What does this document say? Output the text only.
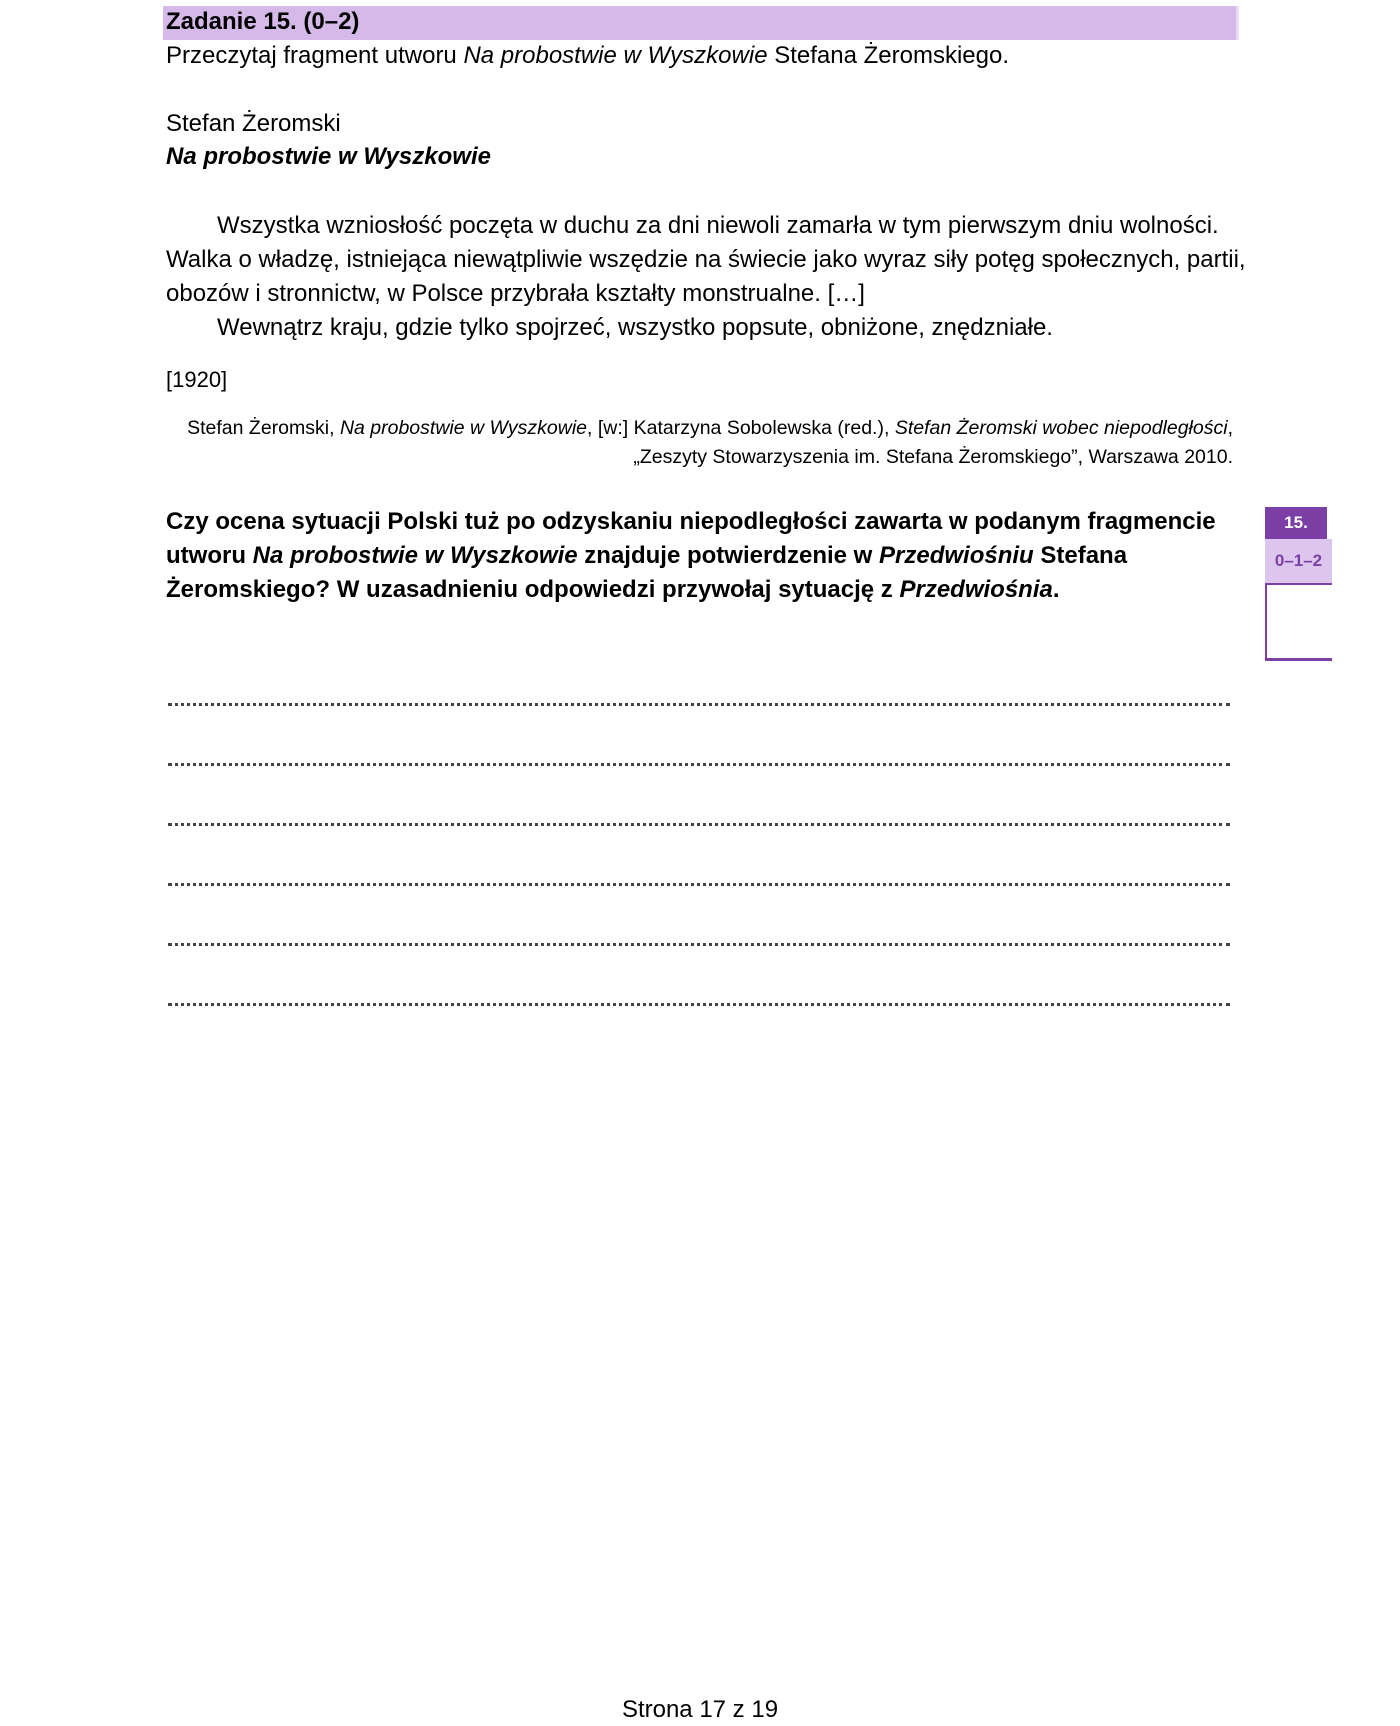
Zadanie 15. (0–2)
Przeczytaj fragment utworu Na probostwie w Wyszkowie Stefana Żeromskiego.
Stefan Żeromski
Na probostwie w Wyszkowie

Wszystka wzniosłość poczęta w duchu za dni niewoli zamarła w tym pierwszym dniu wolności. Walka o władzę, istniejąca niewątpliwie wszędzie na świecie jako wyraz siły potęg społecznych, partii, obozów i stronnictw, w Polsce przybrała kształty monstrualne. […]

Wewnątrz kraju, gdzie tylko spojrzeć, wszystko popsute, obniżone, znędzniałe.

[1920]
Stefan Żeromski, Na probostwie w Wyszkowie, [w:] Katarzyna Sobolewska (red.), Stefan Żeromski wobec niepodległości, „Zeszyty Stowarzyszenia im. Stefana Żeromskiego”, Warszawa 2010.
Czy ocena sytuacji Polski tuż po odzyskaniu niepodległości zawarta w podanym fragmencie utworu Na probostwie w Wyszkowie znajduje potwierdzenie w Przedwiośniu Stefana Żeromskiego? W uzasadnieniu odpowiedzi przywołaj sytuację z Przedwiośnia.
15.
0–1–2
Strona 17 z 19
